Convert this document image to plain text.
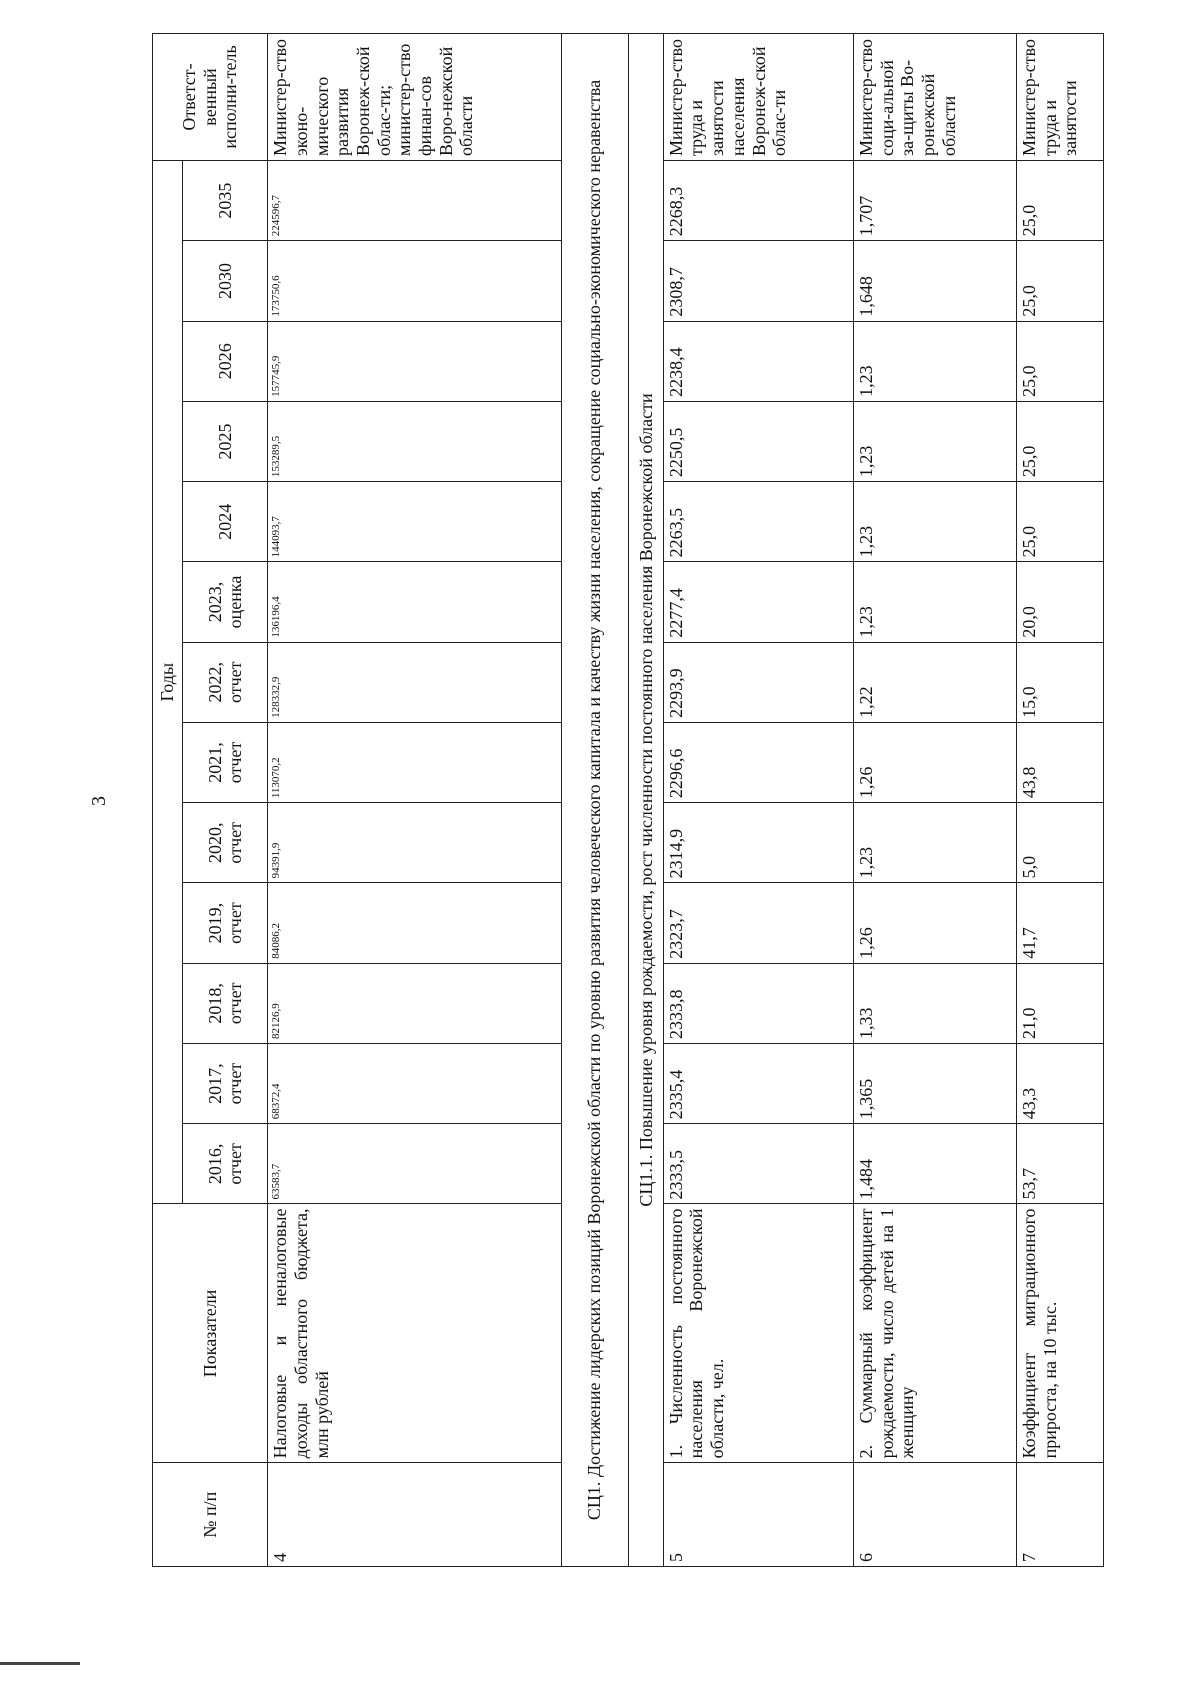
3
№ п/п	Показатели	Годы													Ответст-венный исполни-тель
		2016, отчет	2017, отчет	2018, отчет	2019, отчет	2020, отчет	2021, отчет	2022, отчет	2023, оценка	2024	2025	2026	2030	2035	
4	Налоговые и неналоговые доходы областного бюджета, млн рублей	63583,7	68372,4	82126,9	84086,2	94391,9	113070,2	128332,9	136196,4	144093,7	153289,5	157745,9	173750,6	224596,7	Министер-ство эконо-мического развития Воронеж-ской облас-ти; министер-ство финан-сов Воро-нежской области
СЦ1. Достижение лидерских позиций Воронежской области по уровню развития человеческого капитала и качеству жизни населения, сокращение социально-экономического неравенства															
СЦ1.1. Повышение уровня рождаемости, рост численности постоянного населения Воронежской области															
5	1. Численность постоянного населения Воронежской области, чел.	2333,5	2335,4	2333,8	2323,7	2314,9	2296,6	2293,9	2277,4	2263,5	2250,5	2238,4	2308,7	2268,3	Министер-ство труда и занятости населения Воронеж-ской облас-ти
6	2. Суммарный коэффициент рождаемости, число детей на 1 женщину	1,484	1,365	1,33	1,26	1,23	1,26	1,22	1,23	1,23	1,23	1,23	1,648	1,707	Министер-ство соци-альной за-щиты Во-ронежской области
7	Коэффициент миграционного прироста, на 10 тыс.	53,7	43,3	21,0	41,7	5,0	43,8	15,0	20,0	25,0	25,0	25,0	25,0	25,0	Министер-ство труда и занятости
